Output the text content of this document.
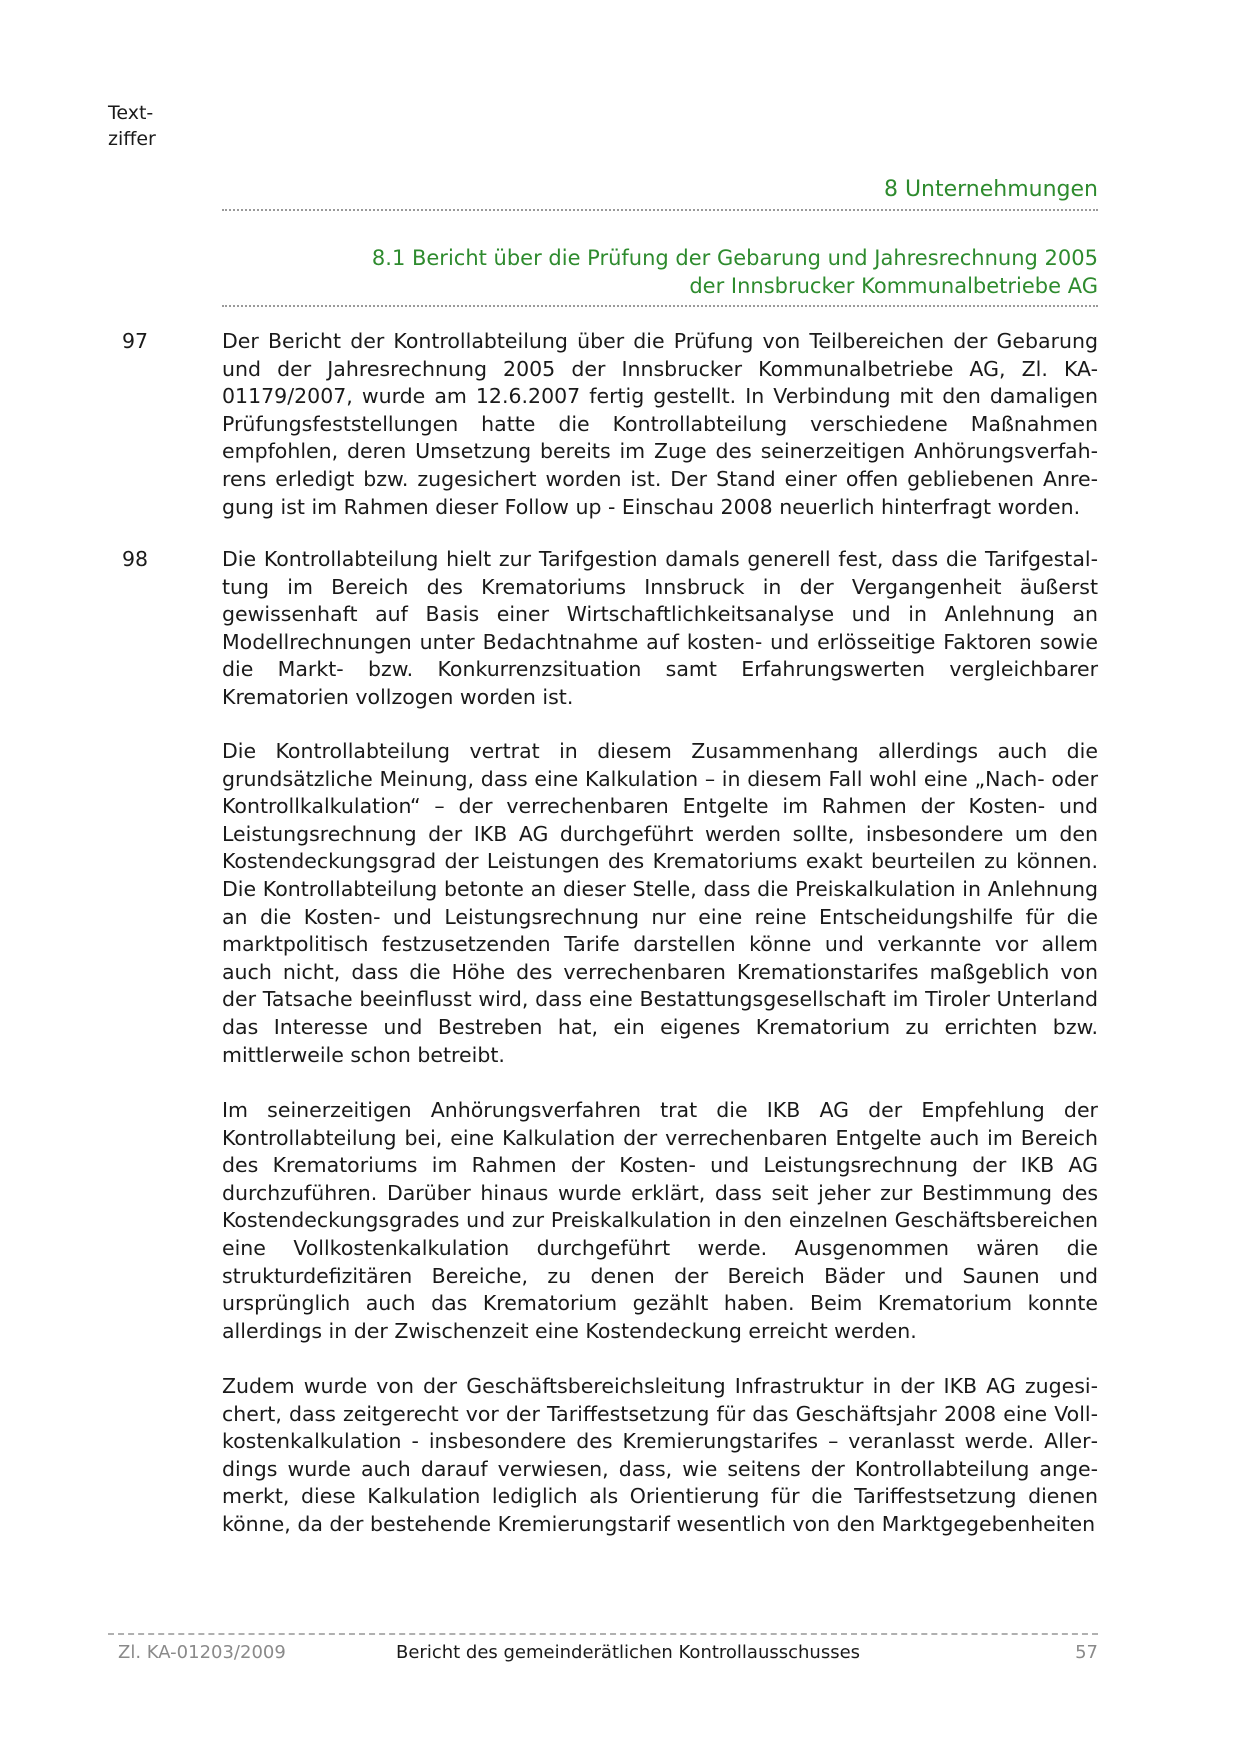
Text-
ziffer
8 Unternehmungen
8.1 Bericht über die Prüfung der Gebarung und Jahresrechnung 2005
der Innsbrucker Kommunalbetriebe AG
97	Der Bericht der Kontrollabteilung über die Prüfung von Teilbereichen der Gebarung und der Jahresrechnung 2005 der Innsbrucker Kommunalbetriebe AG, Zl. KA-01179/2007, wurde am 12.6.2007 fertig gestellt. In Verbindung mit den damaligen Prüfungsfeststellungen hatte die Kontrollabteilung verschiedene Maßnahmen empfohlen, deren Umsetzung bereits im Zuge des seinerzeitigen Anhörungsverfahrens erledigt bzw. zugesichert worden ist. Der Stand einer offen gebliebenen Anregung ist im Rahmen dieser Follow up - Einschau 2008 neuerlich hinterfragt worden.
98	Die Kontrollabteilung hielt zur Tarifgestion damals generell fest, dass die Tarifgestaltung im Bereich des Krematoriums Innsbruck in der Vergangenheit äußerst gewissenhaft auf Basis einer Wirtschaftlichkeitsanalyse und in Anlehnung an Modellrechnungen unter Bedachtnahme auf kosten- und erlösseitige Faktoren sowie die Markt- bzw. Konkurrenzsituation samt Erfahrungswerten vergleichbarer Krematorien vollzogen worden ist.
Die Kontrollabteilung vertrat in diesem Zusammenhang allerdings auch die grundsätzliche Meinung, dass eine Kalkulation – in diesem Fall wohl eine „Nach- oder Kontrollkalkulation“ – der verrechenbaren Entgelte im Rahmen der Kosten- und Leistungsrechnung der IKB AG durchgeführt werden sollte, insbesondere um den Kostendeckungsgrad der Leistungen des Krematoriums exakt beurteilen zu können. Die Kontrollabteilung betonte an dieser Stelle, dass die Preiskalkulation in Anlehnung an die Kosten- und Leistungsrechnung nur eine reine Entscheidungshilfe für die marktpolitisch festzusetzenden Tarife darstellen könne und verkannte vor allem auch nicht, dass die Höhe des verrechenbaren Kremationstarifes maßgeblich von der Tatsache beeinflusst wird, dass eine Bestattungsgesellschaft im Tiroler Unterland das Interesse und Bestreben hat, ein eigenes Krematorium zu errichten bzw. mittlerweile schon betreibt.
Im seinerzeitigen Anhörungsverfahren trat die IKB AG der Empfehlung der Kontrollabteilung bei, eine Kalkulation der verrechenbaren Entgelte auch im Bereich des Krematoriums im Rahmen der Kosten- und Leistungsrechnung der IKB AG durchzuführen. Darüber hinaus wurde erklärt, dass seit jeher zur Bestimmung des Kostendeckungsgrades und zur Preiskalkulation in den einzelnen Geschäftsbereichen eine Vollkostenkalkulation durchgeführt werde. Ausgenommen wären die strukturdefizitären Bereiche, zu denen der Bereich Bäder und Saunen und ursprünglich auch das Krematorium gezählt haben. Beim Krematorium konnte allerdings in der Zwischenzeit eine Kostendeckung erreicht werden.
Zudem wurde von der Geschäftsbereichsleitung Infrastruktur in der IKB AG zugesichert, dass zeitgerecht vor der Tariffestsetzung für das Geschäftsjahr 2008 eine Vollkostenkalkulation - insbesondere des Kremierungstarifes – veranlasst werde. Allerdings wurde auch darauf verwiesen, dass, wie seitens der Kontrollabteilung angemerkt, diese Kalkulation lediglich als Orientierung für die Tariffestsetzung dienen könne, da der bestehende Kremierungstarif wesentlich von den Marktgegebenheiten
Zl. KA-01203/2009	Bericht des gemeinderätlichen Kontrollausschusses	57
